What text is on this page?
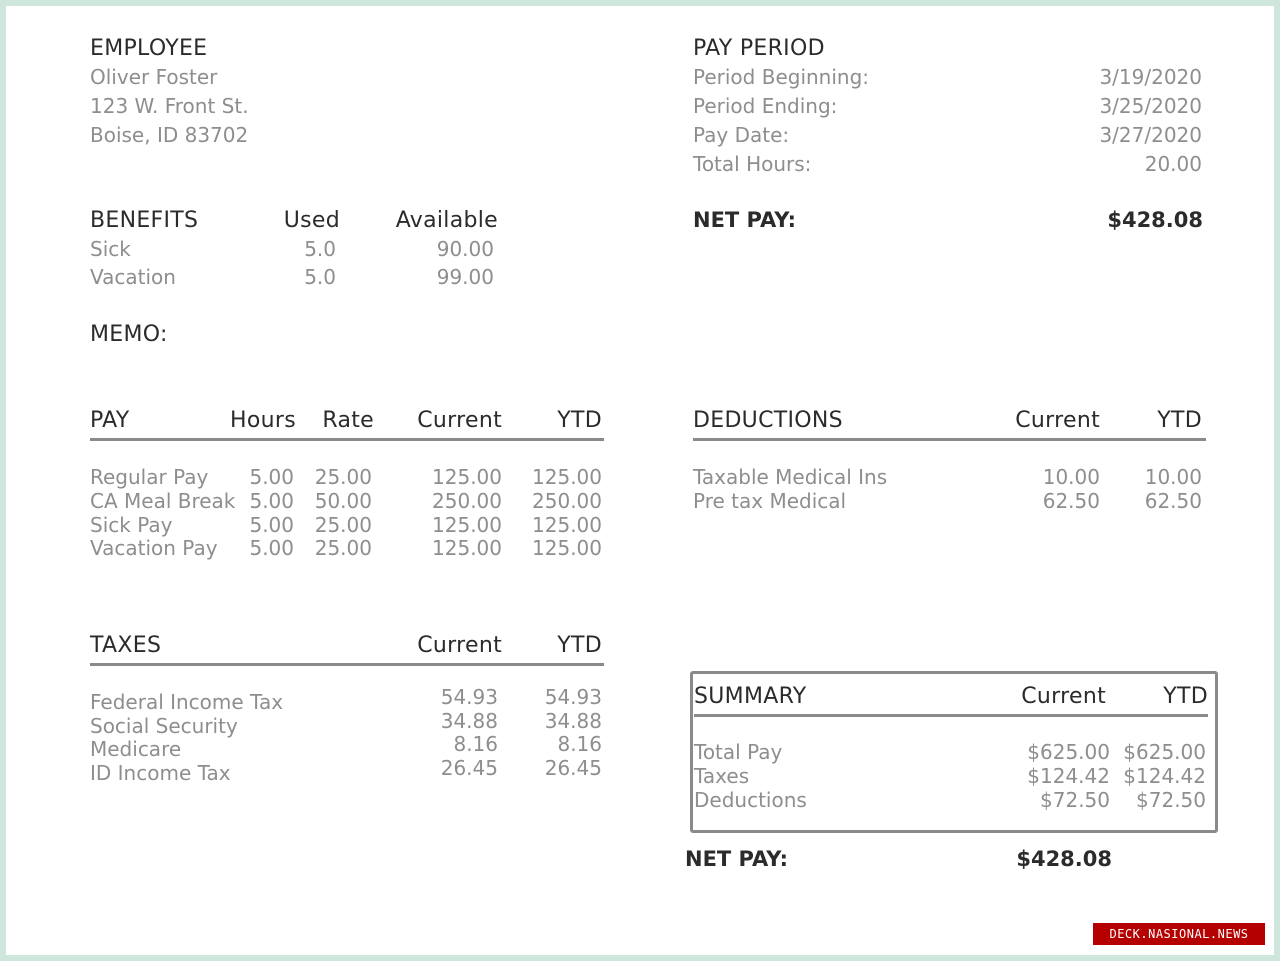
EMPLOYEE
Oliver Foster
123 W. Front St.
Boise, ID 83702
PAY PERIOD
Period Beginning:	3/19/2020
Period Ending:	3/25/2020
Pay Date:	3/27/2020
Total Hours:	20.00
NET PAY:	$428.08
BENEFITS	Used	Available
Sick	5.0	90.00
Vacation	5.0	99.00
MEMO:
PAY	Hours	Rate	Current	YTD
Regular Pay	5.00	25.00	125.00	125.00
CA Meal Break 5.00	50.00	250.00	250.00
Sick Pay	5.00	25.00	125.00	125.00
Vacation Pay	5.00	25.00	125.00	125.00
DEDUCTIONS	Current	YTD
Taxable Medical Ins	10.00	10.00
Pre tax Medical	62.50	62.50
TAXES	Current	YTD
Federal Income Tax	54.93	54.93
Social Security	34.88	34.88
Medicare	8.16	8.16
ID Income Tax	26.45	26.45
SUMMARY	Current	YTD
Total Pay	$625.00 $625.00
Taxes	$124.42 $124.42
Deductions	$72.50	$72.50
NET PAY:	$428.08
DECK.NASIONAL.NEWS
